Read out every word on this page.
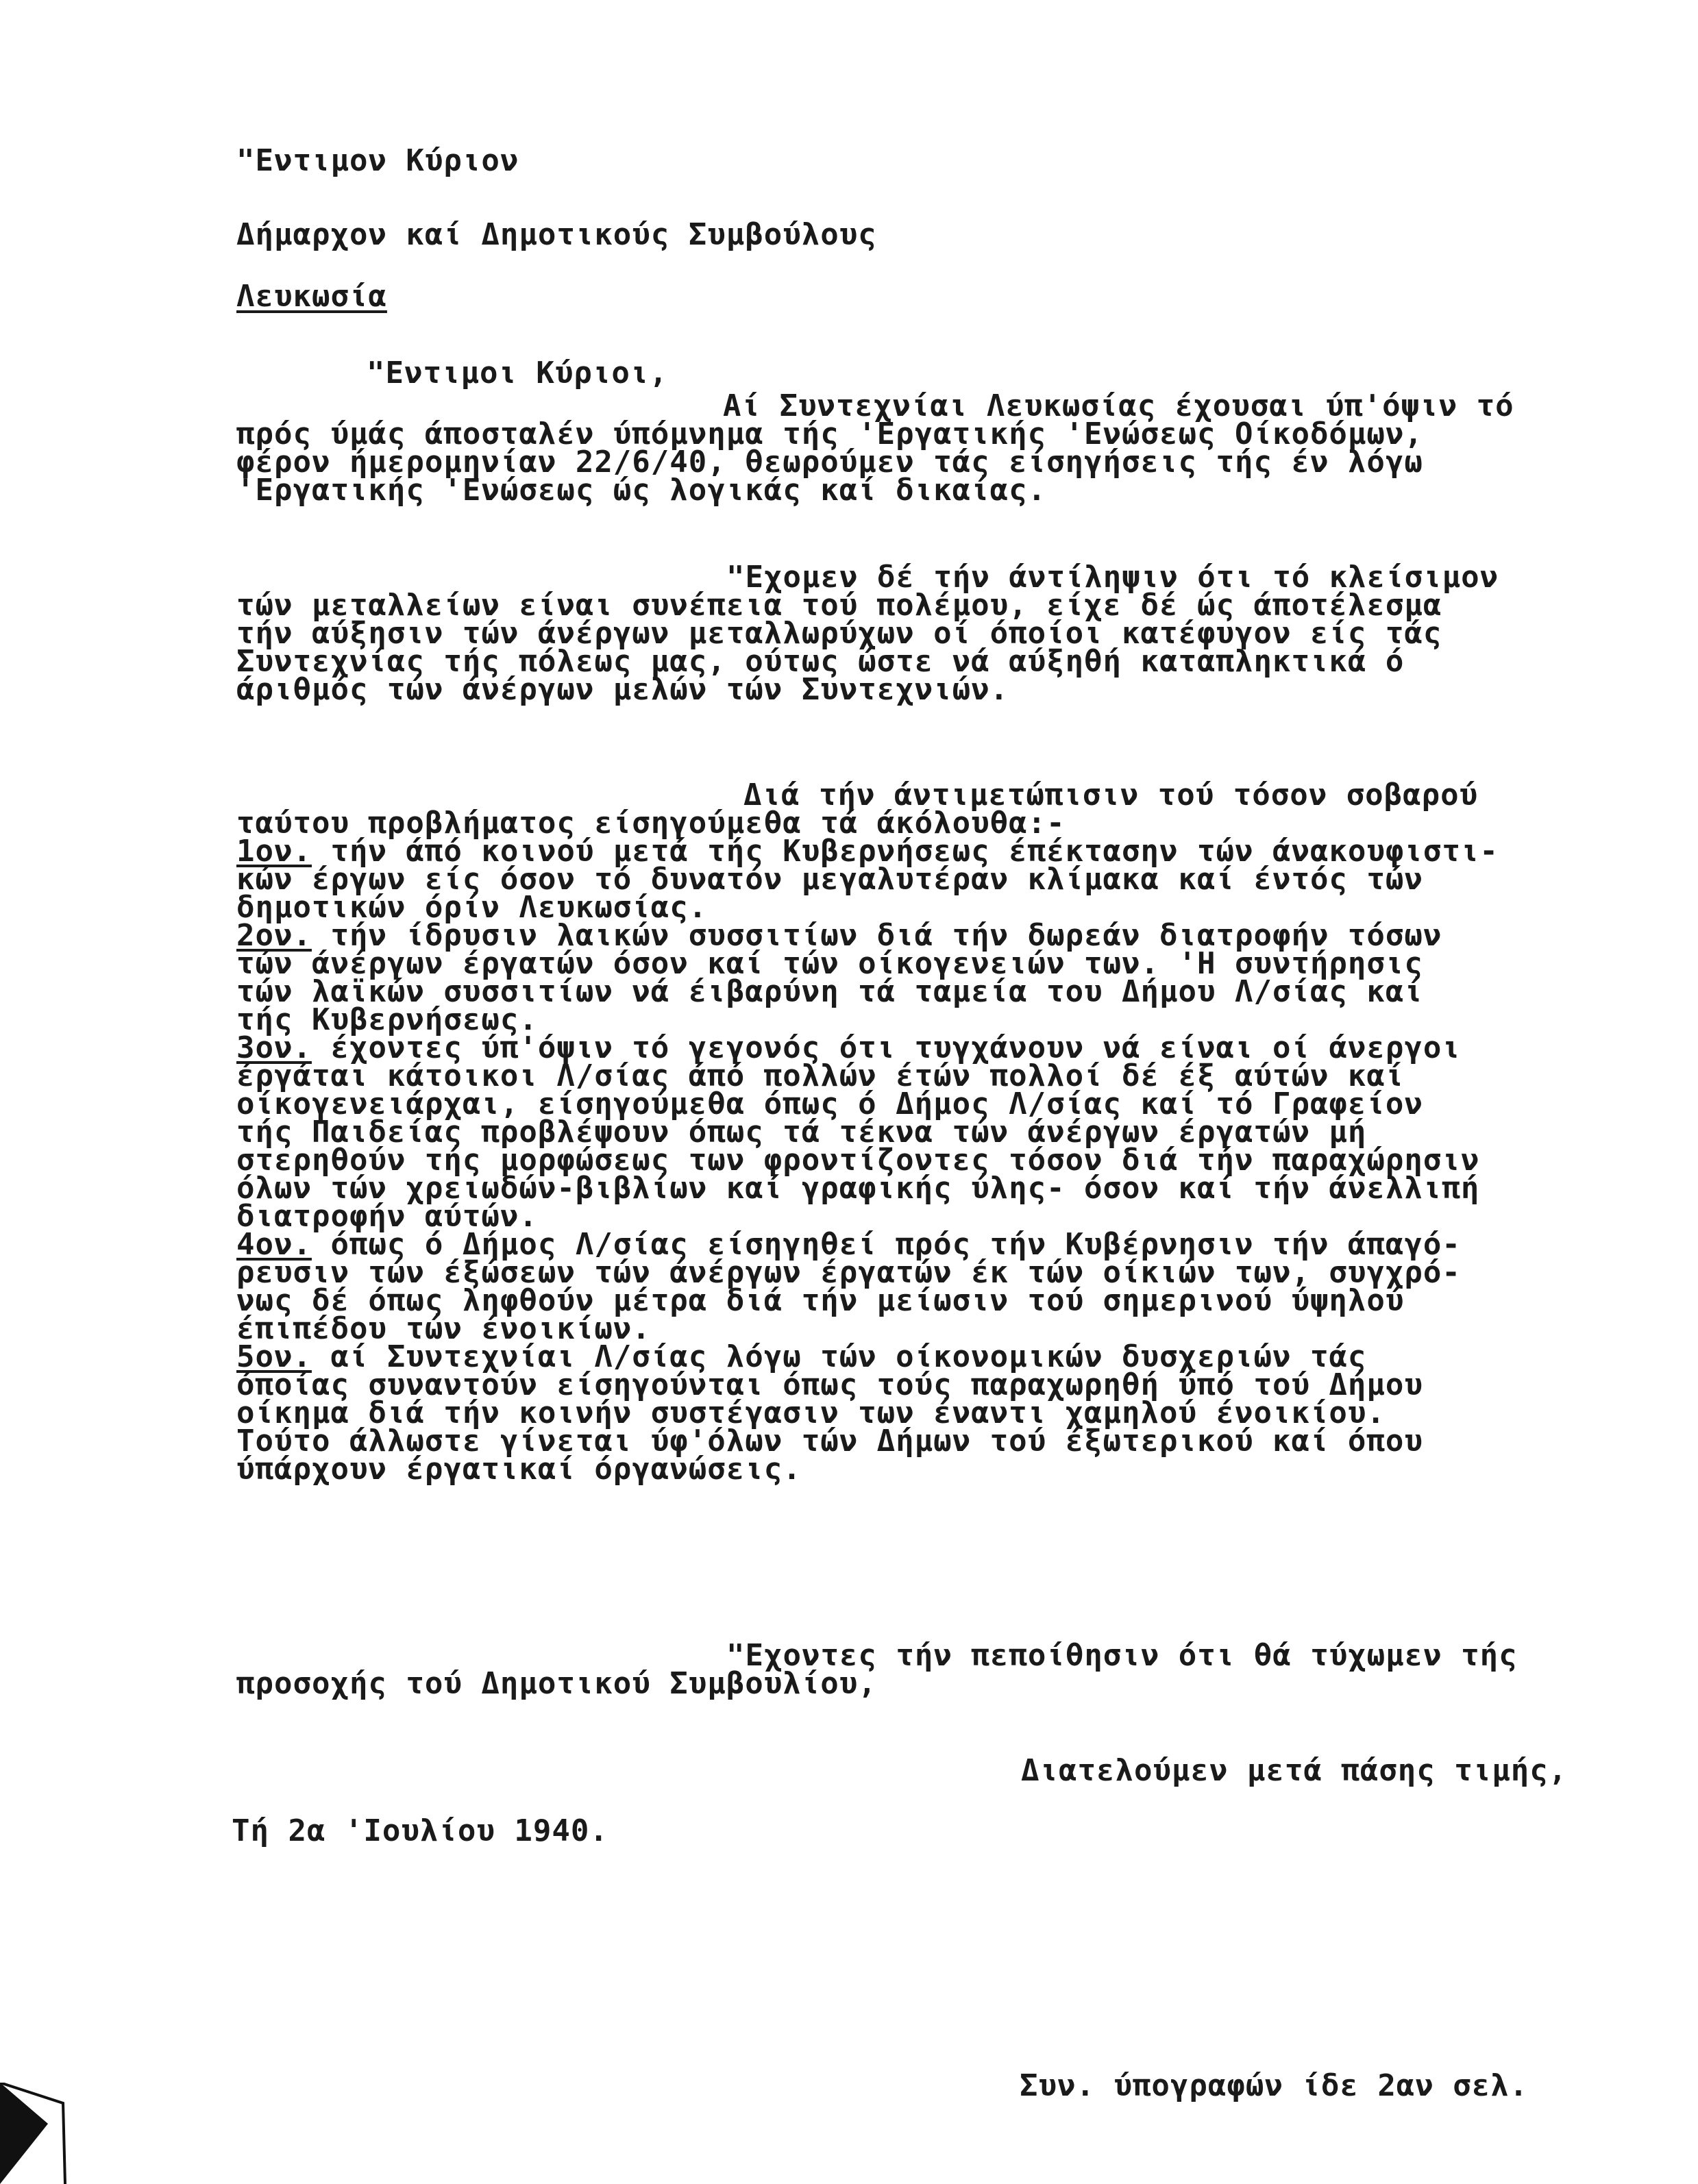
"Εντιμον Κύριον
Δήμαρχον καί Δημοτικούς Συμβούλους
Λευκωσία
"Εντιμοι Κύριοι,
Αί Συντεχνίαι Λευκωσίας έχουσαι ύπ'όψιν τό
πρός ύμάς άποσταλέν ύπόμνημα τής 'Εργατικής 'Ενώσεως Οίκοδόμων,
φέρον ήμερομηνίαν 22/6/40, θεωρούμεν τάς είσηγήσεις τής έν λόγω
'Εργατικής 'Ενώσεως ώς λογικάς καί δικαίας.
"Εχομεν δέ τήν άντίληψιν ότι τό κλείσιμον
τών μεταλλείων είναι συνέπεια τού πολέμου, είχε δέ ώς άποτέλεσμα
τήν αύξησιν τών άνέργων μεταλλωρύχων οί όποίοι κατέφυγον είς τάς
Συντεχνίας τής πόλεως μας, ούτως ώστε νά αύξηθή καταπληκτικά ό
άριθμός τών άνέργων μελών τών Συντεχνιών.
Διά τήν άντιμετώπισιν τού τόσον σοβαρού
ταύτου προβλήματος είσηγούμεθα τά άκόλουθα:-
1ον. τήν άπό κοινού μετά τής Κυβερνήσεως έπέκτασην τών άνακουφιστι-
κών έργων είς όσον τό δυνατόν μεγαλυτέραν κλίμακα καί έντός τών
δημοτικών όρίν Λευκωσίας.
2ον. τήν ίδρυσιν λαικών συσσιτίων διά τήν δωρεάν διατροφήν τόσων
τών άνέργων έργατών όσον καί τών οίκογενειών των. 'Η συντήρησις
τών λαϊκών συσσιτίων νά έιβαρύνη τά ταμεία του Δήμου Λ/σίας καί
τής Κυβερνήσεως.
3ον. έχοντες ύπ'όψιν τό γεγονός ότι τυγχάνουν νά είναι οί άνεργοι
έργάται κάτοικοι Λ/σίας άπό πολλών έτών πολλοί δέ έξ αύτών καί
οίκογενειάρχαι, είσηγούμεθα όπως ό Δήμος Λ/σίας καί τό Γραφείον
τής Παιδείας προβλέψουν όπως τά τέκνα τών άνέργων έργατών μή
στερηθούν τής μορφώσεως των φροντίζοντες τόσον διά τήν παραχώρησιν
όλων τών χρειωδών-βιβλίων καί γραφικής ύλης- όσον καί τήν άνελλιπή
διατροφήν αύτών.
4ον. όπως ό Δήμος Λ/σίας είσηγηθεί πρός τήν Κυβέρνησιν τήν άπαγό-
ρευσιν τών έξώσεων τών άνέργων έργατών έκ τών οίκιών των, συγχρό-
νως δέ όπως ληφθούν μέτρα διά τήν μείωσιν τού σημερινού ύψηλού
έπιπέδου τών ένοικίων.
5ον. αί Συντεχνίαι Λ/σίας λόγω τών οίκονομικών δυσχεριών τάς
όποίας συναντούν είσηγούνται όπως τούς παραχωρηθή ύπό τού Δήμου
οίκημα διά τήν κοινήν συστέγασιν των έναντι χαμηλού ένοικίου.
Τούτο άλλωστε γίνεται ύφ'όλων τών Δήμων τού έξωτερικού καί όπου
ύπάρχουν έργατικαί όργανώσεις.
"Εχοντες τήν πεποίθησιν ότι θά τύχωμεν τής
προσοχής τού Δημοτικού Συμβουλίου,
Διατελούμεν μετά πάσης τιμής,
Τή 2α 'Ιουλίου 1940.
Συν. ύπογραφών ίδε 2αν σελ.
